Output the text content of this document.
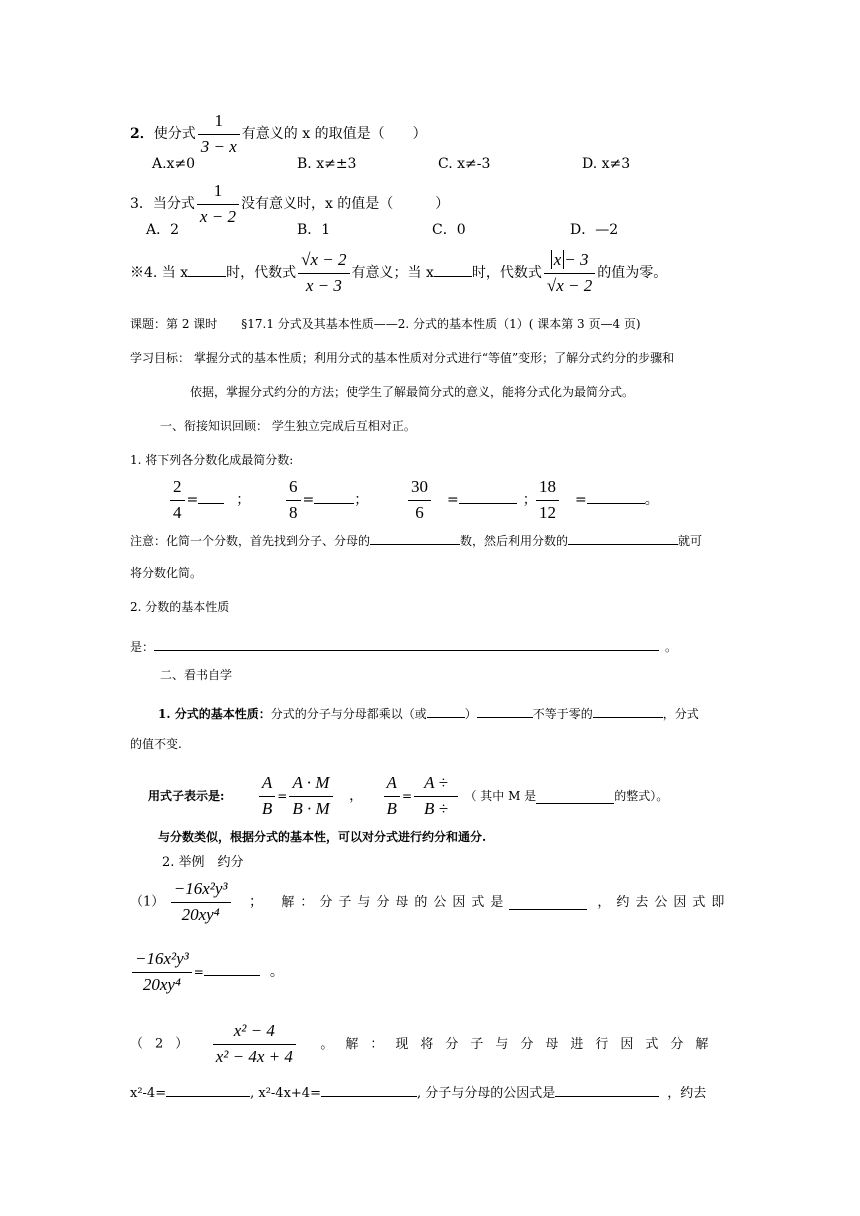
2．使分式 $\frac{1}{3 - x}$ 有意义的 x 的取值是（　　）
A.x≠0	B. x≠±3	C. x≠-3	D. x≠3
3．当分式 $\frac{1}{x - 2}$ 没有意义时，x 的值是（　　　）
A．2	B．1	C．0	D．—2
※4. 当 x	时，代数式 $\frac{√x - 2}{x - 3}$ 有意义；当 x	时，代数式 $\frac{x - 3}{√x - 2}$ 的值为零。
课题：第 2 课时　　§17.1 分式及其基本性质——2. 分式的基本性质（1）( 课本第 3 页—4 页)
学习目标： 掌握分式的基本性质；利用分式的基本性质对分式进行“等值”变形；了解分式约分的步骤和
依据，掌握分式约分的方法；使学生了解最简分式的意义，能将分式化为最简分式。
一、衔接知识回顾： 学生独立完成后互相对正。
1. 将下列各分数化成最简分数:
$\frac{2}{4}$ =	； $\frac{6}{8}$ =	； $\frac{30}{6}$ =	； $\frac{18}{12}$ =	。
注意：化简一个分数，首先找到分子、分母的	数，然后利用分数的	就可
将分数化简。
2. 分数的基本性质
是：	。
二、看书自学
1. 分式的基本性质：分式的分子与分母都乘以（或	）	不等于零的	，分式
的值不变.
用式子表示是: $\frac{A}{B} = \frac{A \cdot M}{B \cdot M}$ ， $\frac{A}{B} = \frac{A \div}{B \div}$ （ 其中 M 是	的整式）。
与分数类似，根据分式的基本性，可以对分式进行约分和通分.
2. 举例　约分
$(1) \frac{\text{−16x²y³}}{\text{20xy⁴}}$ ； 解：分子与分母的公因式是	，约去公因式即
$\frac{\text{−16x²y³}}{\text{20xy⁴}}$ =	。
$(2) \frac{\text{x² − 4}}{\text{x² − 4x + 4}}$ 。解：现将分子与分母进行因式分解
x²-4=	, x²-4x+4=	, 分子与分母的公因式是	，约去
